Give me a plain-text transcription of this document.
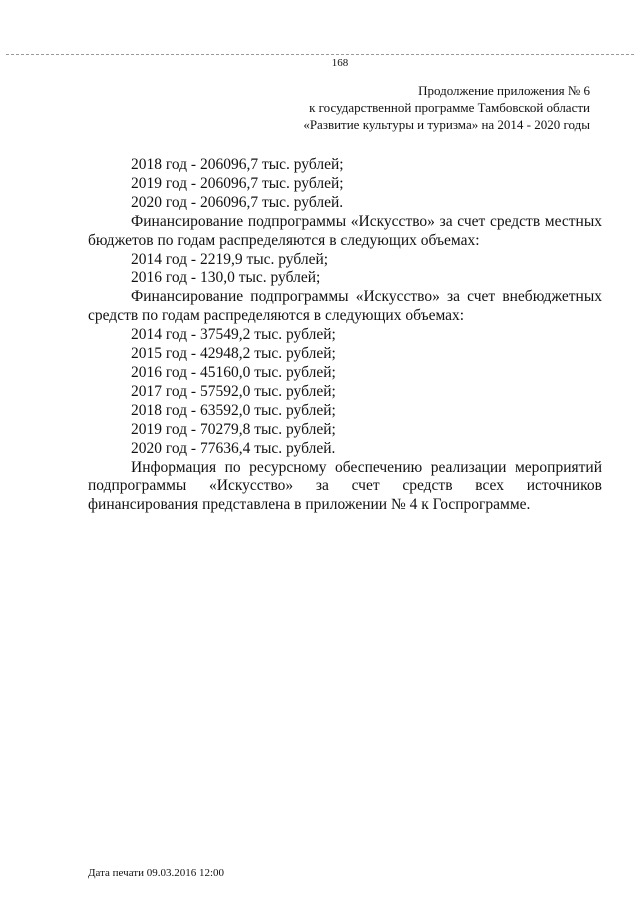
168
Продолжение приложения № 6
к государственной программе Тамбовской области
«Развитие культуры и туризма» на 2014 - 2020 годы

2018 год - 206096,7 тыс. рублей;

2019 год - 206096,7 тыс. рублей;

2020 год - 206096,7 тыс. рублей.

Финансирование подпрограммы «Искусство» за счет средств местных бюджетов по годам распределяются в следующих объемах:

2014 год - 2219,9 тыс. рублей;

2016 год - 130,0 тыс. рублей;

Финансирование подпрограммы «Искусство» за счет внебюджетных средств по годам распределяются в следующих объемах:

2014 год - 37549,2 тыс. рублей;

2015 год - 42948,2 тыс. рублей;

2016 год - 45160,0 тыс. рублей;

2017 год - 57592,0 тыс. рублей;

2018 год - 63592,0 тыс. рублей;

2019 год - 70279,8 тыс. рублей;

2020 год - 77636,4 тыс. рублей.

Информация по ресурсному обеспечению реализации мероприятий подпрограммы «Искусство» за счет средств всех источников финансирования представлена в приложении № 4 к Госпрограмме.

Дата печати 09.03.2016 12:00
